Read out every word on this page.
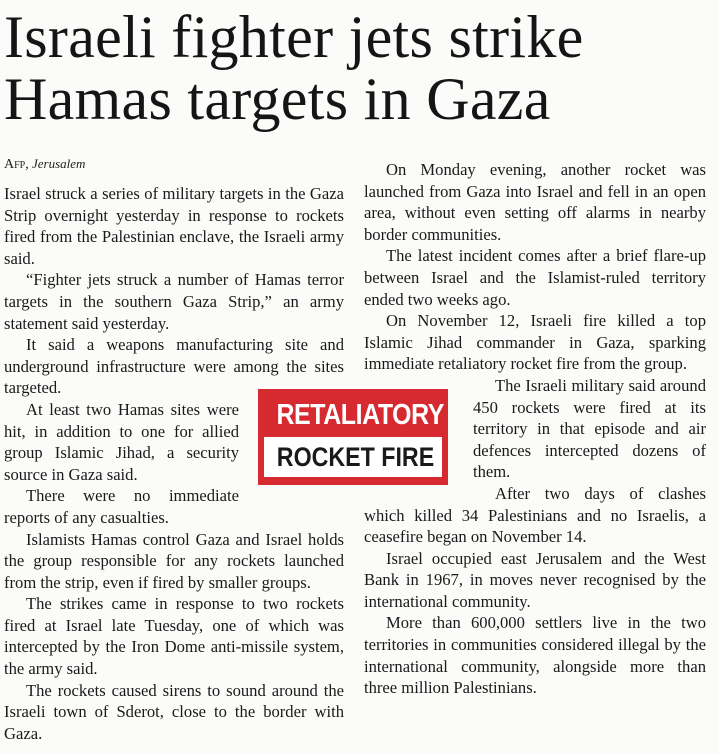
Israeli fighter jets strike
Hamas targets in Gaza
Afp, Jerusalem

Israel struck a series of military targets in the Gaza Strip overnight yesterday in response to rockets fired from the Palestinian enclave, the Israeli army said.

“Fighter jets struck a number of Hamas terror targets in the southern Gaza Strip,” an army statement said yesterday.

It said a weapons manufacturing site and underground infrastructure were among the sites targeted.

At least two Hamas sites were hit, in addition to one for allied group Islamic Jihad, a security source in Gaza said.

There were no immediate reports of any casualties.

Islamists Hamas control Gaza and Israel holds the group responsible for any rockets launched from the strip, even if fired by smaller groups.

The strikes came in response to two rockets fired at Israel late Tuesday, one of which was intercepted by the Iron Dome anti-missile system, the army said.

The rockets caused sirens to sound around the Israeli town of Sderot, close to the border with Gaza.

On Monday evening, another rocket was launched from Gaza into Israel and fell in an open area, without even setting off alarms in nearby border communities.

The latest incident comes after a brief flare-up between Israel and the Islamist-ruled territory ended two weeks ago.

On November 12, Israeli fire killed a top Islamic Jihad commander in Gaza, sparking immediate retaliatory rocket fire from the group.

The Israeli military said around 450 rockets were fired at its territory in that episode and air defences intercepted dozens of them.

After two days of clashes which killed 34 Palestinians and no Israelis, a ceasefire began on November 14.

Israel occupied east Jerusalem and the West Bank in 1967, in moves never recognised by the international community.

More than 600,000 settlers live in the two territories in communities considered illegal by the international community, alongside more than three million Palestinians.

RETALIATORY
ROCKET FIRE
